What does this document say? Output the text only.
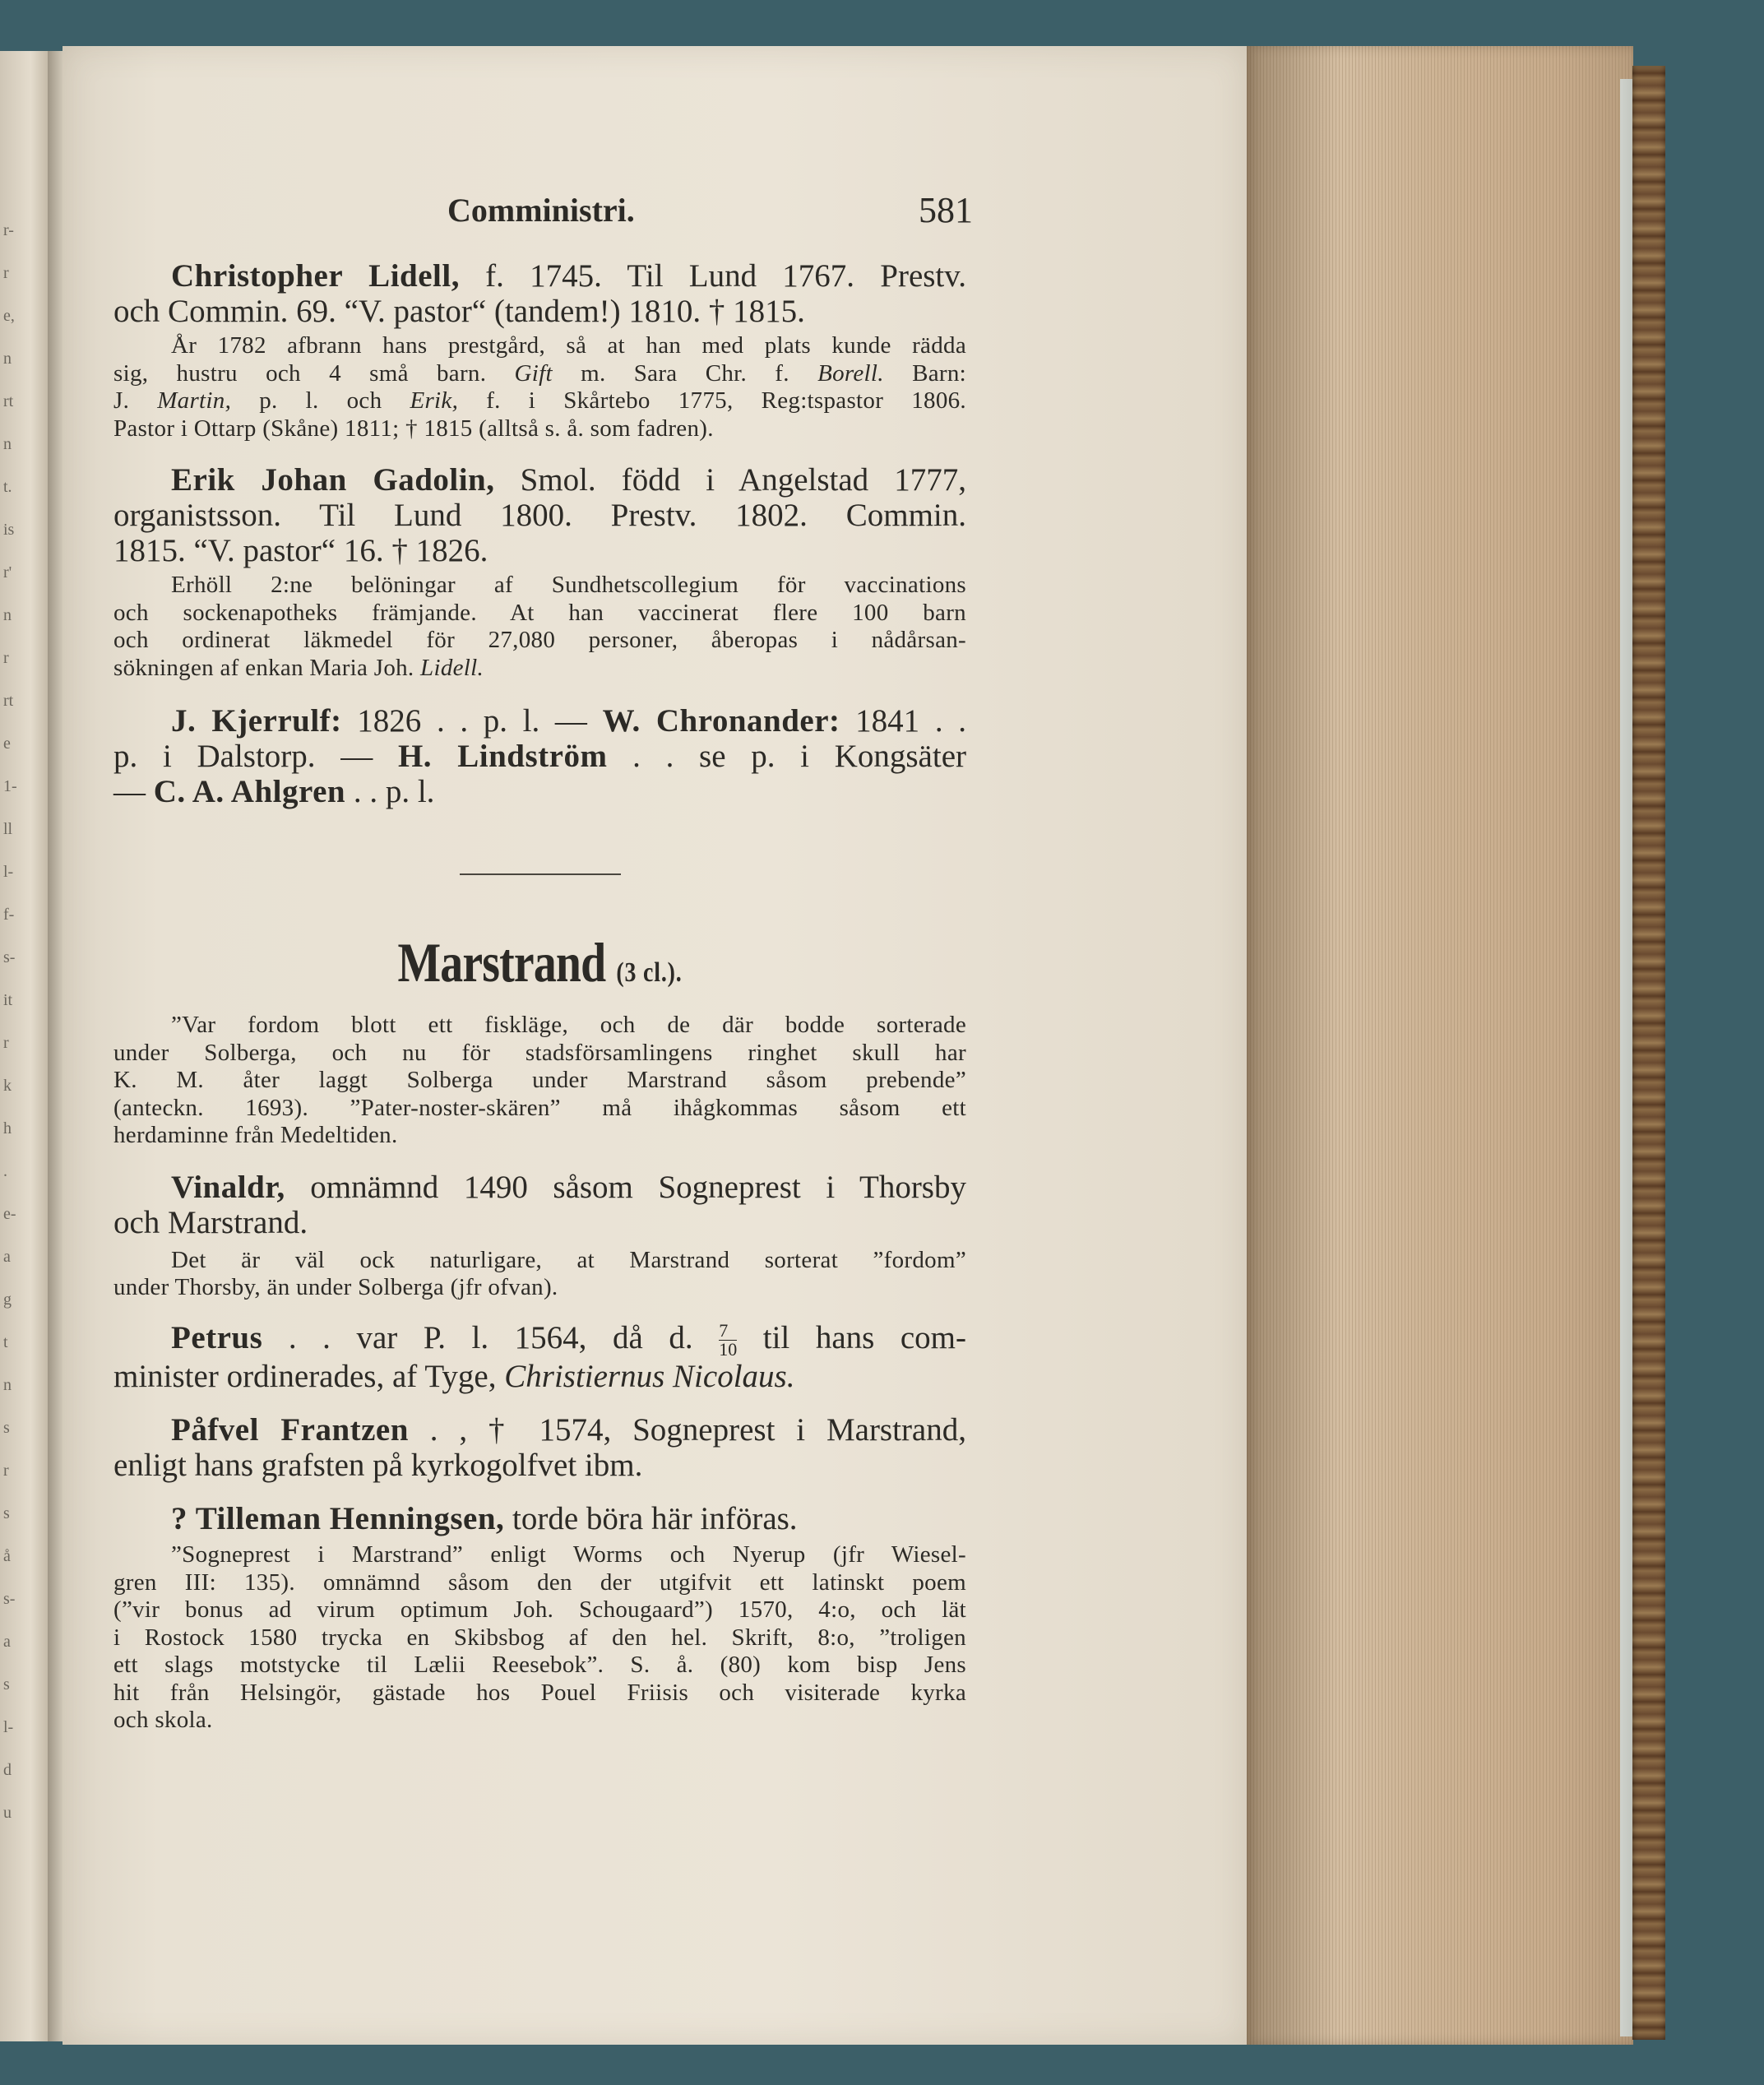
r-
r
e,
n
rt
n
t.
is
r'
n
r
rt
e
1-
ll
l-
f-
s-
it
r
k
h
.
e-
a
g
t
n
s
r
s
å
s-
a
s
l-
d
u
Comministri.	581

Christopher Lidell, f. 1745. Til Lund 1767. Prestv.
och Commin. 69. “V. pastor“ (tandem!) 1810. † 1815.

År 1782 afbrann hans prestgård, så at han med plats kunde rädda
sig, hustru och 4 små barn. Gift m. Sara Chr. f. Borell. Barn:
J. Martin, p. l. och Erik, f. i Skårtebo 1775, Reg:tspastor 1806.
Pastor i Ottarp (Skåne) 1811; † 1815 (alltså s. å. som fadren).

Erik Johan Gadolin, Smol. född i Angelstad 1777,
organistsson. Til Lund 1800. Prestv. 1802. Commin.
1815. “V. pastor“ 16. † 1826.

Erhöll 2:ne belöningar af Sundhetscollegium för vaccinations
och sockenapotheks främjande. At han vaccinerat flere 100 barn
och ordinerat läkmedel för 27,080 personer, åberopas i nådårsan-
sökningen af enkan Maria Joh. Lidell.

J. Kjerrulf: 1826 . . p. l. — W. Chronander: 1841 . .
p. i Dalstorp. — H. Lindström . . se p. i Kongsäter
— C. A. Ahlgren . . p. l.

Marstrand (3 cl.).

”Var fordom blott ett fiskläge, och de där bodde sorterade
under Solberga, och nu för stadsförsamlingens ringhet skull har
K. M. åter laggt Solberga under Marstrand såsom prebende”
(anteckn. 1693). ”Pater-noster-skären” må ihågkommas såsom ett
herdaminne från Medeltiden.

Vinaldr, omnämnd 1490 såsom Sogneprest i Thorsby
och Marstrand.

Det är väl ock naturligare, at Marstrand sorterat ”fordom”
under Thorsby, än under Solberga (jfr ofvan).

Petrus . . var P. l. 1564, då d. $\frac{7}{10}$ til hans com-
minister ordinerades, af Tyge, Christiernus Nicolaus.

Påfvel Frantzen . , † 1574, Sogneprest i Marstrand,
enligt hans grafsten på kyrkogolfvet ibm.

? Tilleman Henningsen, torde böra här införas.

”Sogneprest i Marstrand” enligt Worms och Nyerup (jfr Wiesel-
gren III: 135). omnämnd såsom den der utgifvit ett latinskt poem
(”vir bonus ad virum optimum Joh. Schougaard”) 1570, 4:o, och lät
i Rostock 1580 trycka en Skibsbog af den hel. Skrift, 8:o, ”troligen
ett slags motstycke til Lælii Reesebok”. S. å. (80) kom bisp Jens
hit från Helsingör, gästade hos Pouel Friisis och visiterade kyrka
och skola.
